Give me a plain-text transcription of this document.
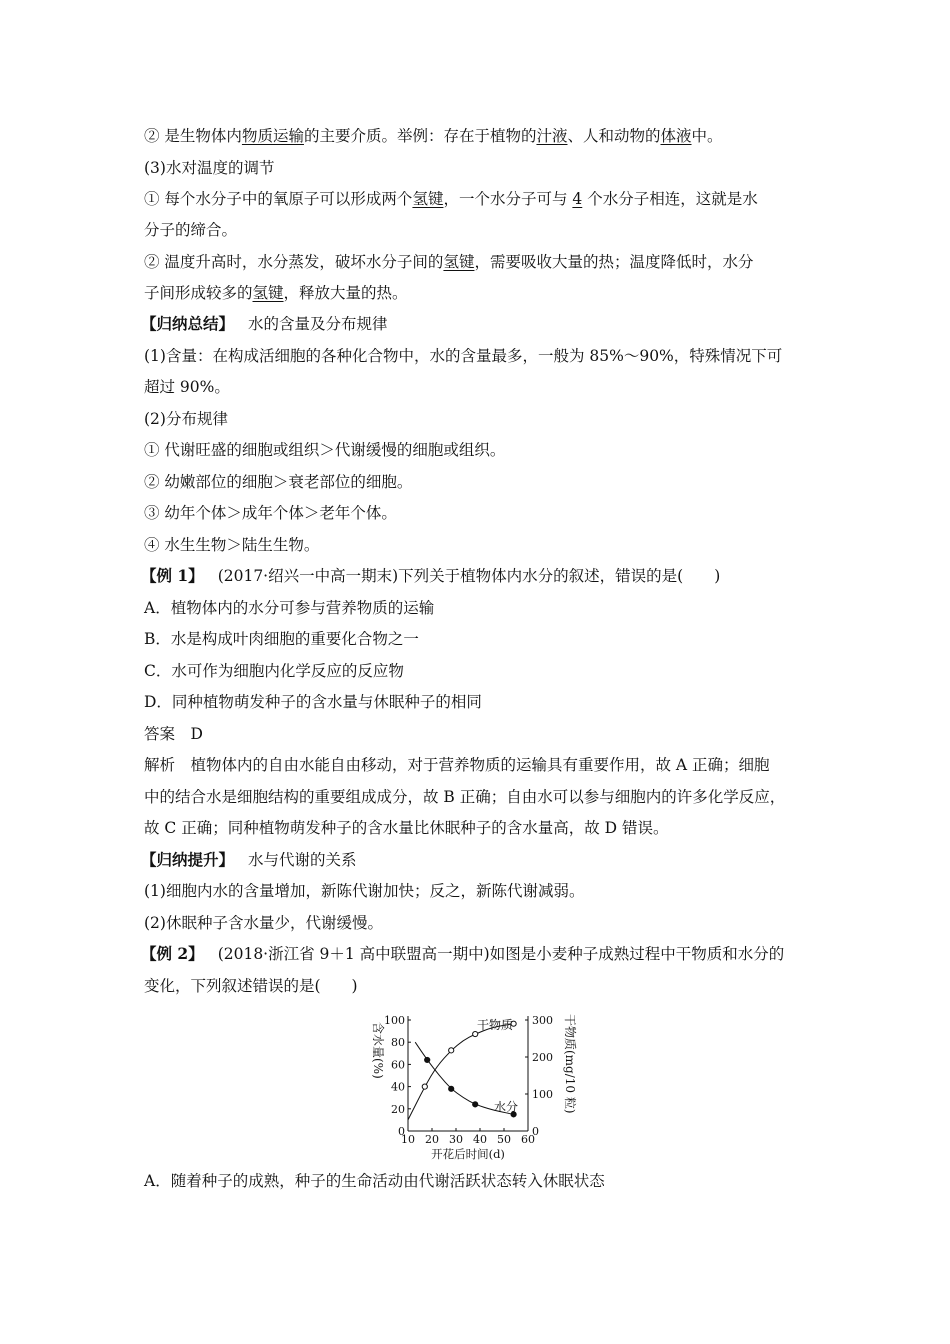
② 是生物体内物质运输的主要介质。举例：存在于植物的汁液、人和动物的体液中。
(3)水对温度的调节
① 每个水分子中的氧原子可以形成两个氢键，一个水分子可与 4 个水分子相连，这就是水
分子的缔合。
② 温度升高时，水分蒸发，破坏水分子间的氢键，需要吸收大量的热；温度降低时，水分
子间形成较多的氢键，释放大量的热。
【归纳总结】 水的含量及分布规律
(1)含量：在构成活细胞的各种化合物中，水的含量最多，一般为 85%～90%，特殊情况下可
超过 90%。
(2)分布规律
① 代谢旺盛的细胞或组织＞代谢缓慢的细胞或组织。
② 幼嫩部位的细胞＞衰老部位的细胞。
③ 幼年个体＞成年个体＞老年个体。
④ 水生生物＞陆生生物。
【例 1】 (2017·绍兴一中高一期末)下列关于植物体内水分的叙述，错误的是(　　)
A．植物体内的水分可参与营养物质的运输
B．水是构成叶肉细胞的重要化合物之一
C．水可作为细胞内化学反应的反应物
D．同种植物萌发种子的含水量与休眠种子的相同
答案　D
解析　植物体内的自由水能自由移动，对于营养物质的运输具有重要作用，故 A 正确；细胞
中的结合水是细胞结构的重要组成成分，故 B 正确；自由水可以参与细胞内的许多化学反应，
故 C 正确；同种植物萌发种子的含水量比休眠种子的含水量高，故 D 错误。
【归纳提升】 水与代谢的关系
(1)细胞内水的含量增加，新陈代谢加快；反之，新陈代谢减弱。
(2)休眠种子含水量少，代谢缓慢。
【例 2】 (2018·浙江省 9＋1 高中联盟高一期中)如图是小麦种子成熟过程中干物质和水分的
变化，下列叙述错误的是(　　)
0
20
40
60
80
100
0
100
200
300
10 20 30 40 50 60
开花后时间(d)
含水量(%)	干物质(mg/10 粒)
干物质
水分
A．随着种子的成熟，种子的生命活动由代谢活跃状态转入休眠状态
